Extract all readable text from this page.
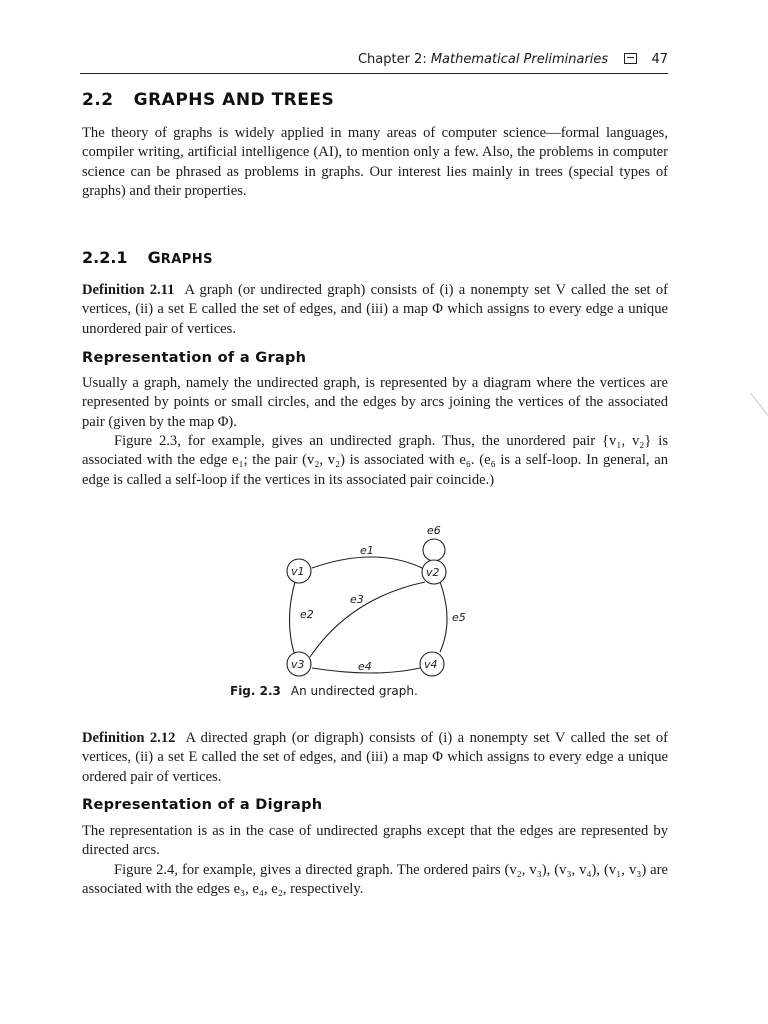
Chapter 2: Mathematical Preliminaries	47
2.2 GRAPHS AND TREES

The theory of graphs is widely applied in many areas of computer science—formal languages, compiler writing, artificial intelligence (AI), to mention only a few. Also, the problems in computer science can be phrased as problems in graphs. Our interest lies mainly in trees (special types of graphs) and their properties.

2.2.1 GRAPHS

Definition 2.11 A graph (or undirected graph) consists of (i) a nonempty set V called the set of vertices, (ii) a set E called the set of edges, and (iii) a map Φ which assigns to every edge a unique unordered pair of vertices.

Representation of a Graph

Usually a graph, namely the undirected graph, is represented by a diagram where the vertices are represented by points or small circles, and the edges by arcs joining the vertices of the associated pair (given by the map Φ).

Figure 2.3, for example, gives an undirected graph. Thus, the unordered pair {v₁, v₂} is associated with the edge e₁; the pair (v₂, v₂) is associated with e₆. (e₆ is a self-loop. In general, an edge is called a self-loop if the vertices in its associated pair coincide.)

v1	v2
v3	v4
e1
e2
e3
e4
e5
e6
Fig. 2.3 An undirected graph.

Definition 2.12 A directed graph (or digraph) consists of (i) a nonempty set V called the set of vertices, (ii) a set E called the set of edges, and (iii) a map Φ which assigns to every edge a unique ordered pair of vertices.

Representation of a Digraph

The representation is as in the case of undirected graphs except that the edges are represented by directed arcs.

Figure 2.4, for example, gives a directed graph. The ordered pairs (v₂, v₃), (v₃, v₄), (v₁, v₃) are associated with the edges e₃, e₄, e₂, respectively.
